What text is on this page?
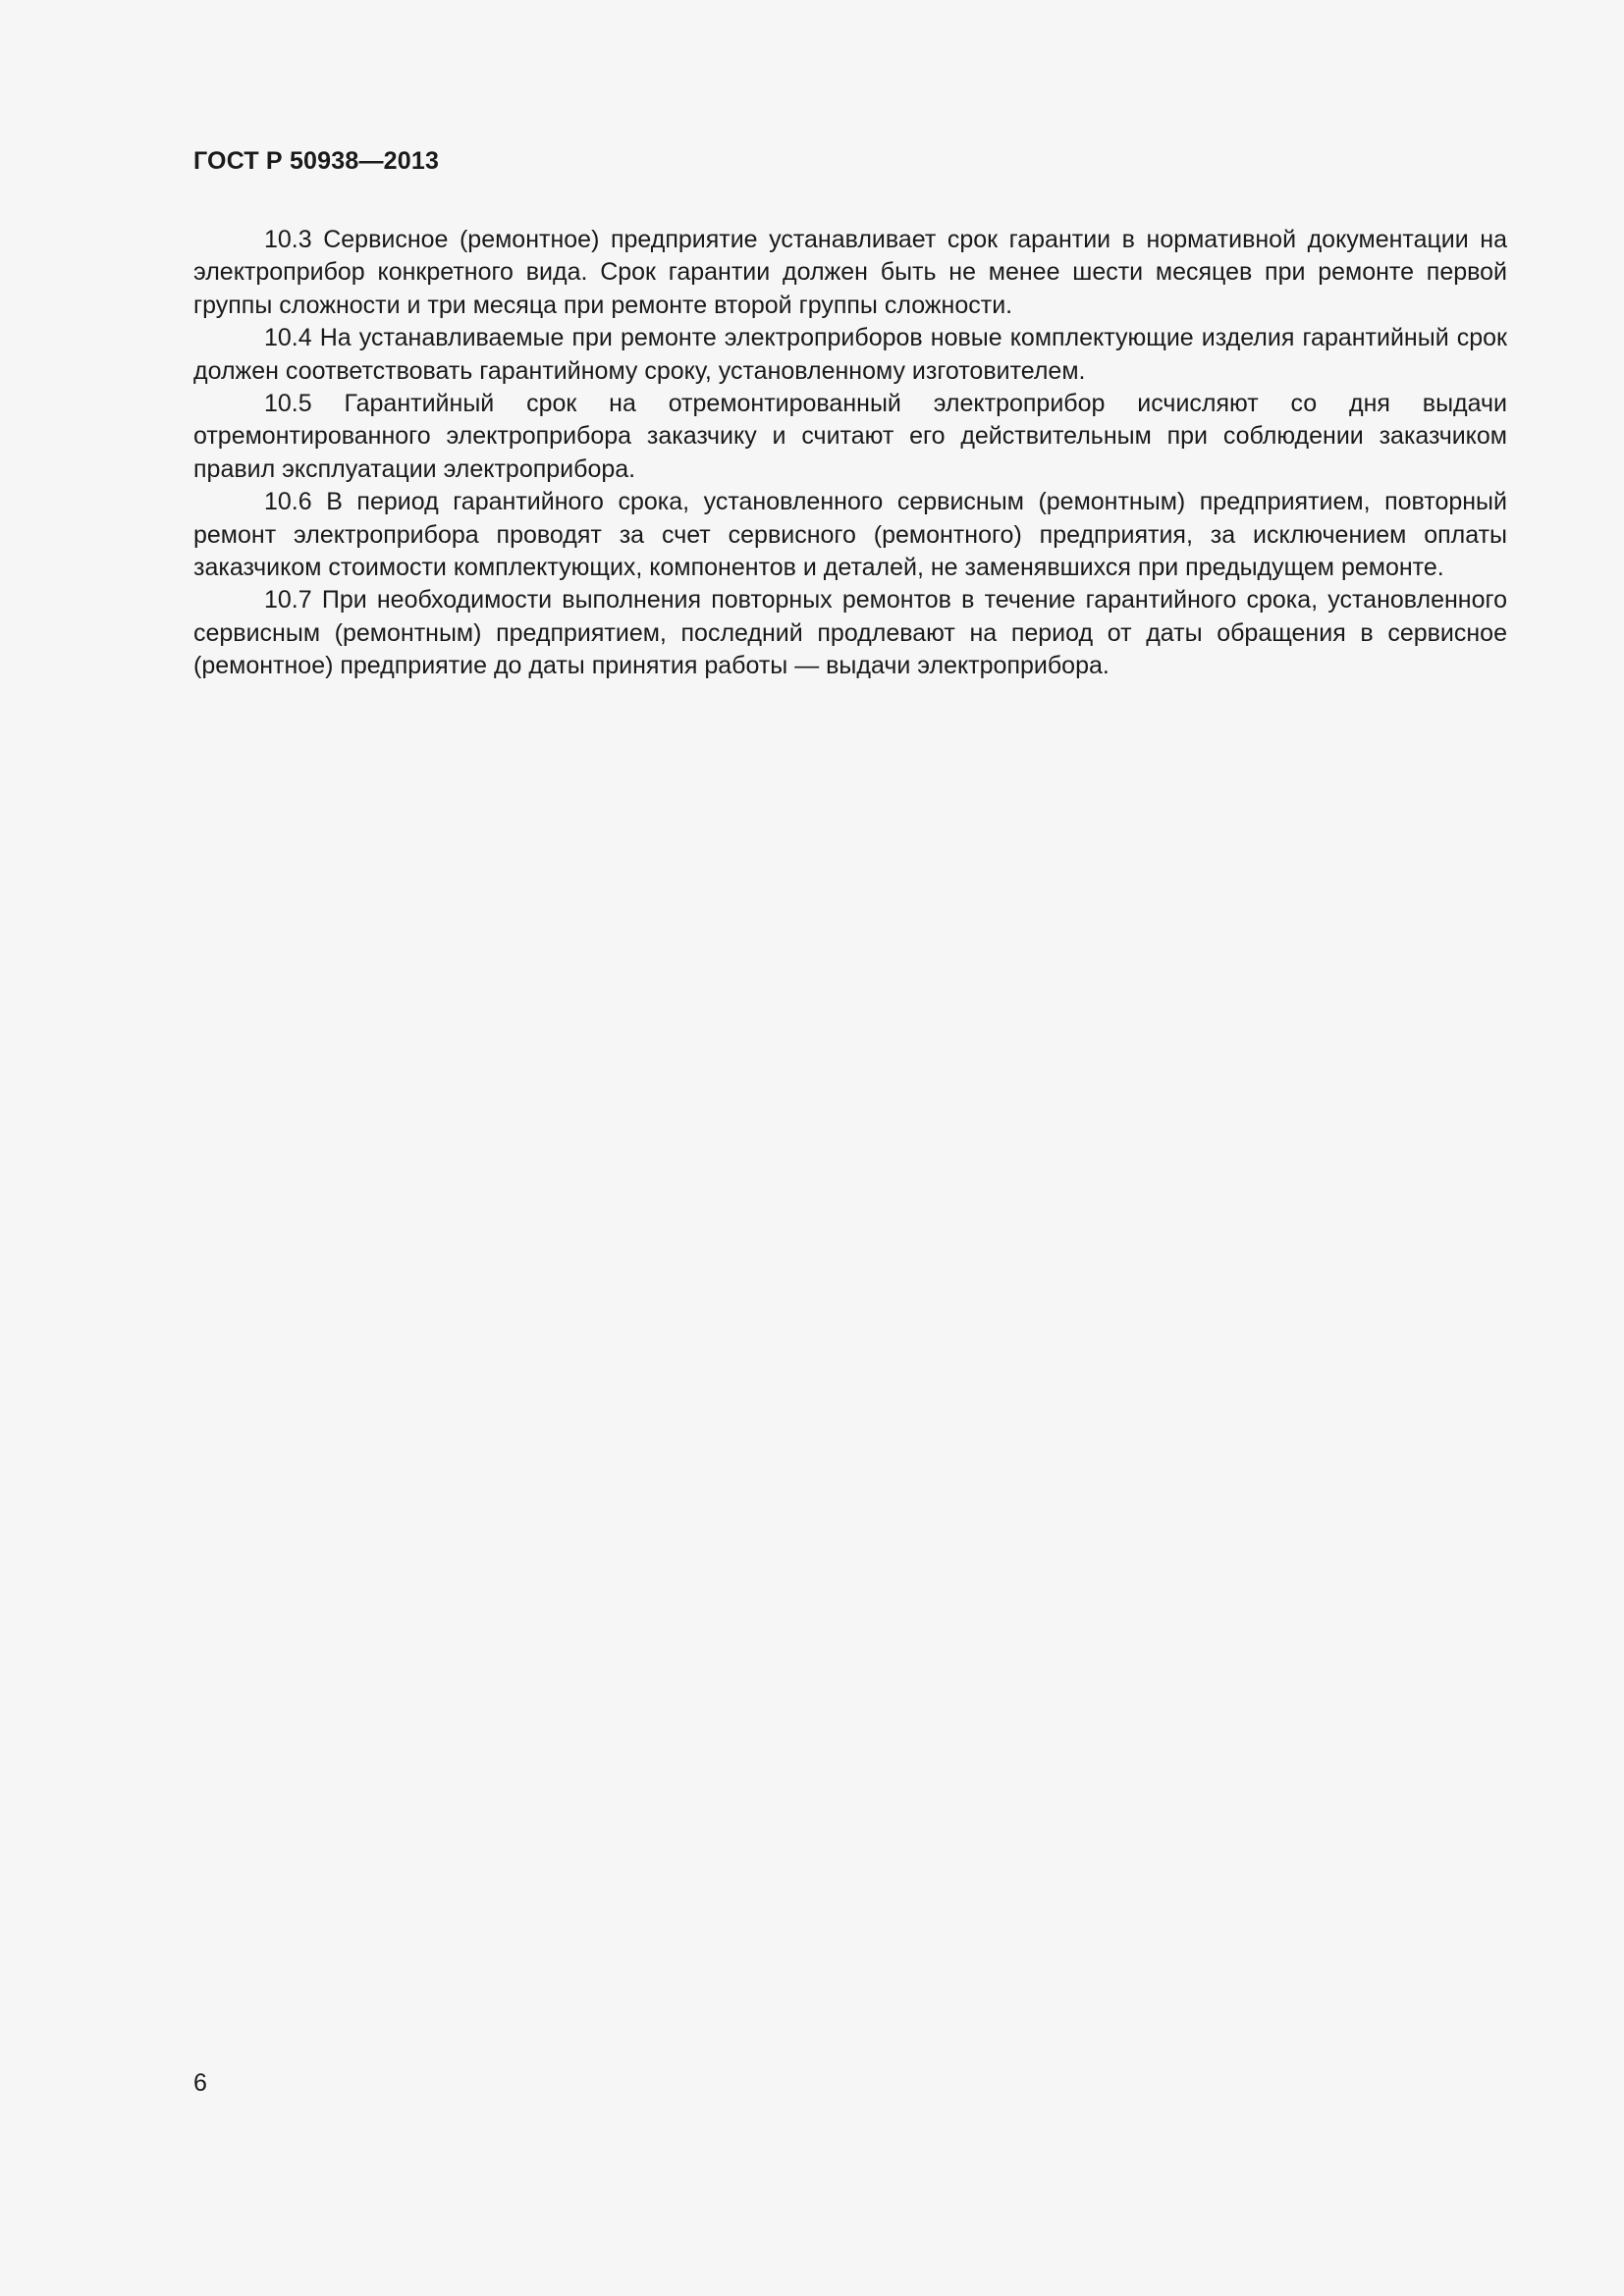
ГОСТ Р 50938—2013

10.3 Сервисное (ремонтное) предприятие устанавливает срок гарантии в нормативной документации на электроприбор конкретного вида. Срок гарантии должен быть не менее шести месяцев при ремонте первой группы сложности и три месяца при ремонте второй группы сложности.

10.4 На устанавливаемые при ремонте электроприборов новые комплектующие изделия гарантийный срок должен соответствовать гарантийному сроку, установленному изготовителем.

10.5 Гарантийный срок на отремонтированный электроприбор исчисляют со дня выдачи отремонтированного электроприбора заказчику и считают его действительным при соблюдении заказчиком правил эксплуатации электроприбора.

10.6 В период гарантийного срока, установленного сервисным (ремонтным) предприятием, повторный ремонт электроприбора проводят за счет сервисного (ремонтного) предприятия, за исключением оплаты заказчиком стоимости комплектующих, компонентов и деталей, не заменявшихся при предыдущем ремонте.

10.7 При необходимости выполнения повторных ремонтов в течение гарантийного срока, установленного сервисным (ремонтным) предприятием, последний продлевают на период от даты обращения в сервисное (ремонтное) предприятие до даты принятия работы — выдачи электроприбора.

6
